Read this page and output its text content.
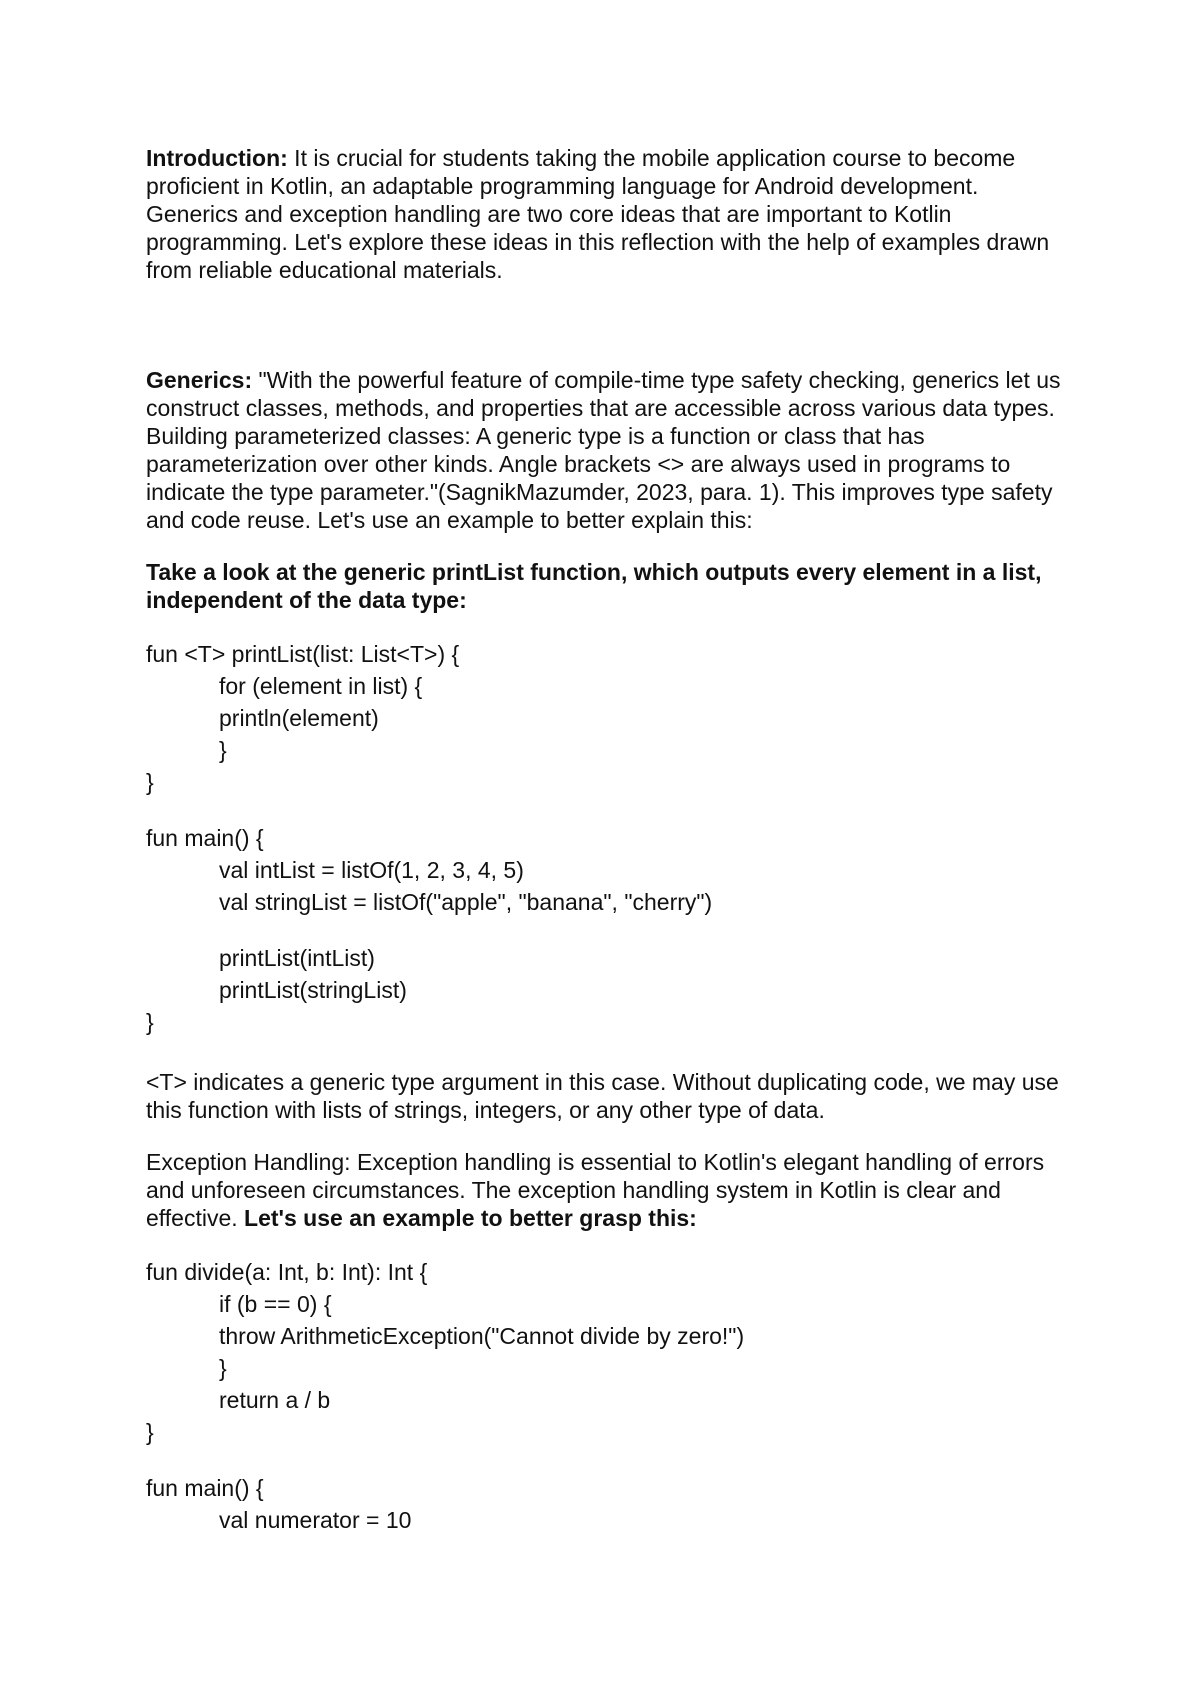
Introduction: It is crucial for students taking the mobile application course to become proficient in Kotlin, an adaptable programming language for Android development. Generics and exception handling are two core ideas that are important to Kotlin programming. Let's explore these ideas in this reflection with the help of examples drawn from reliable educational materials.

Generics: "With the powerful feature of compile-time type safety checking, generics let us construct classes, methods, and properties that are accessible across various data types. Building parameterized classes: A generic type is a function or class that has parameterization over other kinds. Angle brackets <> are always used in programs to indicate the type parameter."(SagnikMazumder, 2023, para. 1). This improves type safety and code reuse. Let's use an example to better explain this:

Take a look at the generic printList function, which outputs every element in a list, independent of the data type:

fun <T> printList(list: List<T>) {
for (element in list) {
println(element)
}
}
fun main() {
val intList = listOf(1, 2, 3, 4, 5)
val stringList = listOf("apple", "banana", "cherry")
printList(intList)
printList(stringList)
}

<T> indicates a generic type argument in this case. Without duplicating code, we may use this function with lists of strings, integers, or any other type of data.

Exception Handling: Exception handling is essential to Kotlin's elegant handling of errors and unforeseen circumstances. The exception handling system in Kotlin is clear and effective. Let's use an example to better grasp this:

fun divide(a: Int, b: Int): Int {
if (b == 0) {
throw ArithmeticException("Cannot divide by zero!")
}
return a / b
}
fun main() {
val numerator = 10
